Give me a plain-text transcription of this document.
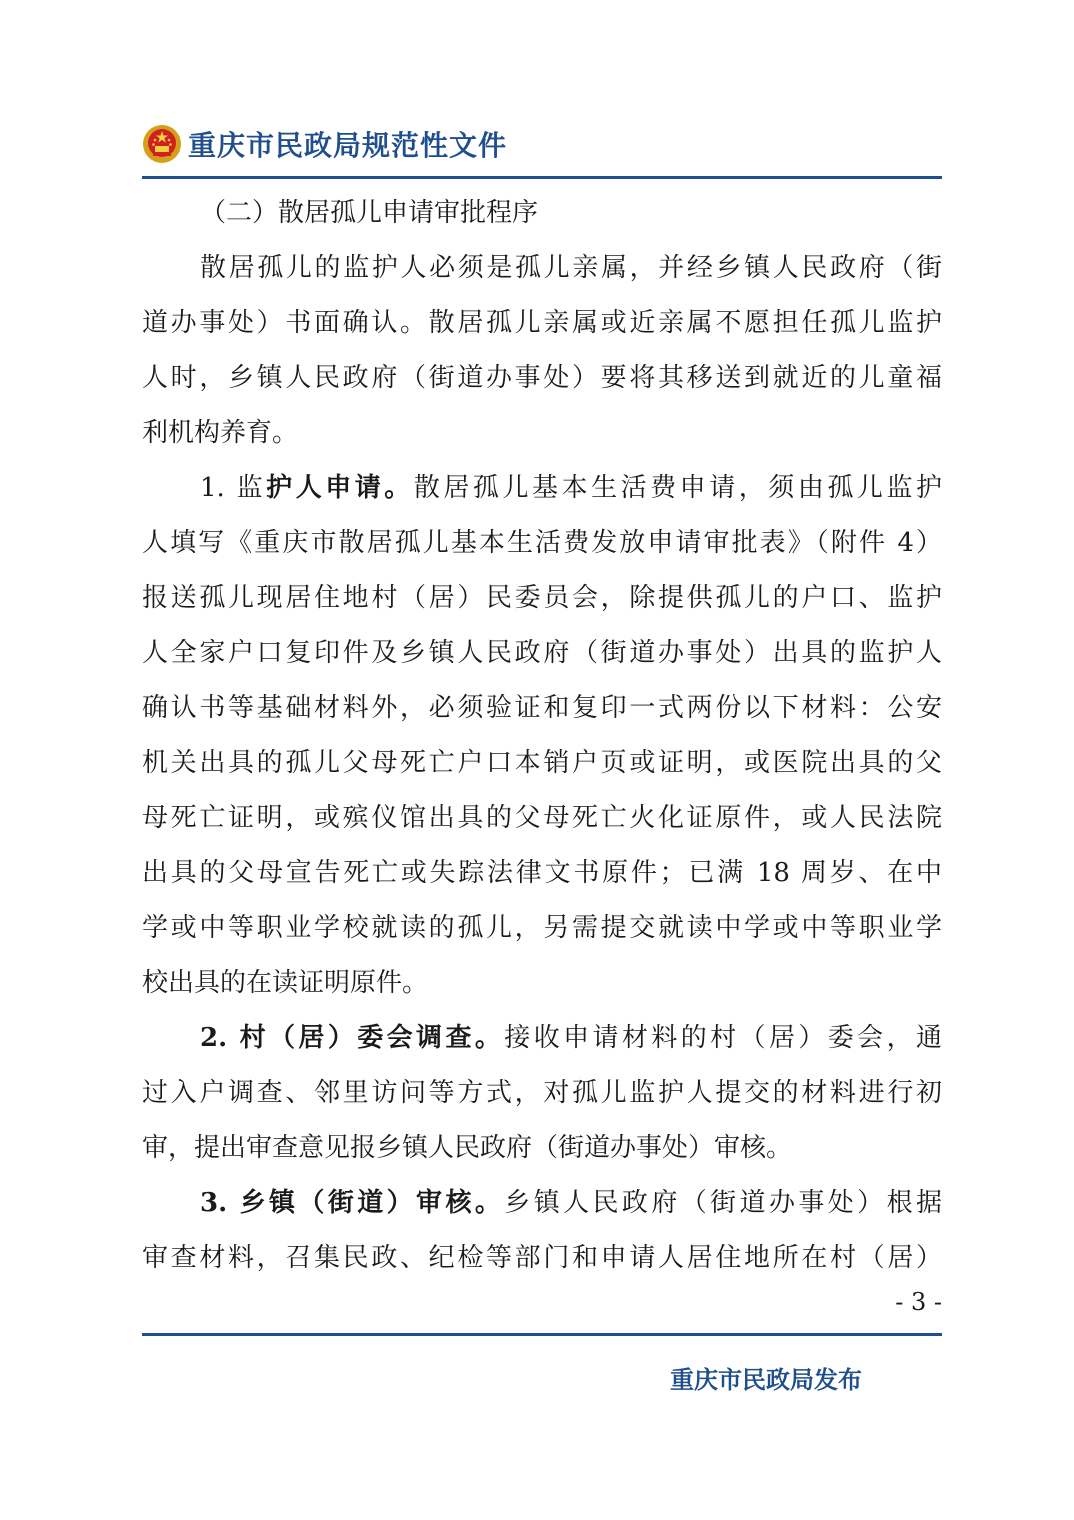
重庆市民政局规范性文件
（二）散居孤儿申请审批程序
散居孤儿的监护人必须是孤儿亲属，并经乡镇人民政府（街
道办事处）书面确认。散居孤儿亲属或近亲属不愿担任孤儿监护
人时，乡镇人民政府（街道办事处）要将其移送到就近的儿童福
利机构养育。
1. 监护人申请。散居孤儿基本生活费申请，须由孤儿监护
人填写《重庆市散居孤儿基本生活费发放申请审批表》（附件 4）
报送孤儿现居住地村（居）民委员会，除提供孤儿的户口、监护
人全家户口复印件及乡镇人民政府（街道办事处）出具的监护人
确认书等基础材料外，必须验证和复印一式两份以下材料：公安
机关出具的孤儿父母死亡户口本销户页或证明，或医院出具的父
母死亡证明，或殡仪馆出具的父母死亡火化证原件，或人民法院
出具的父母宣告死亡或失踪法律文书原件；已满 18 周岁、在中
学或中等职业学校就读的孤儿，另需提交就读中学或中等职业学
校出具的在读证明原件。
2. 村（居）委会调查。接收申请材料的村（居）委会，通
过入户调查、邻里访问等方式，对孤儿监护人提交的材料进行初
审，提出审查意见报乡镇人民政府（街道办事处）审核。
3. 乡镇（街道）审核。乡镇人民政府（街道办事处）根据
审查材料，召集民政、纪检等部门和申请人居住地所在村（居）
- 3 -
重庆市民政局发布
